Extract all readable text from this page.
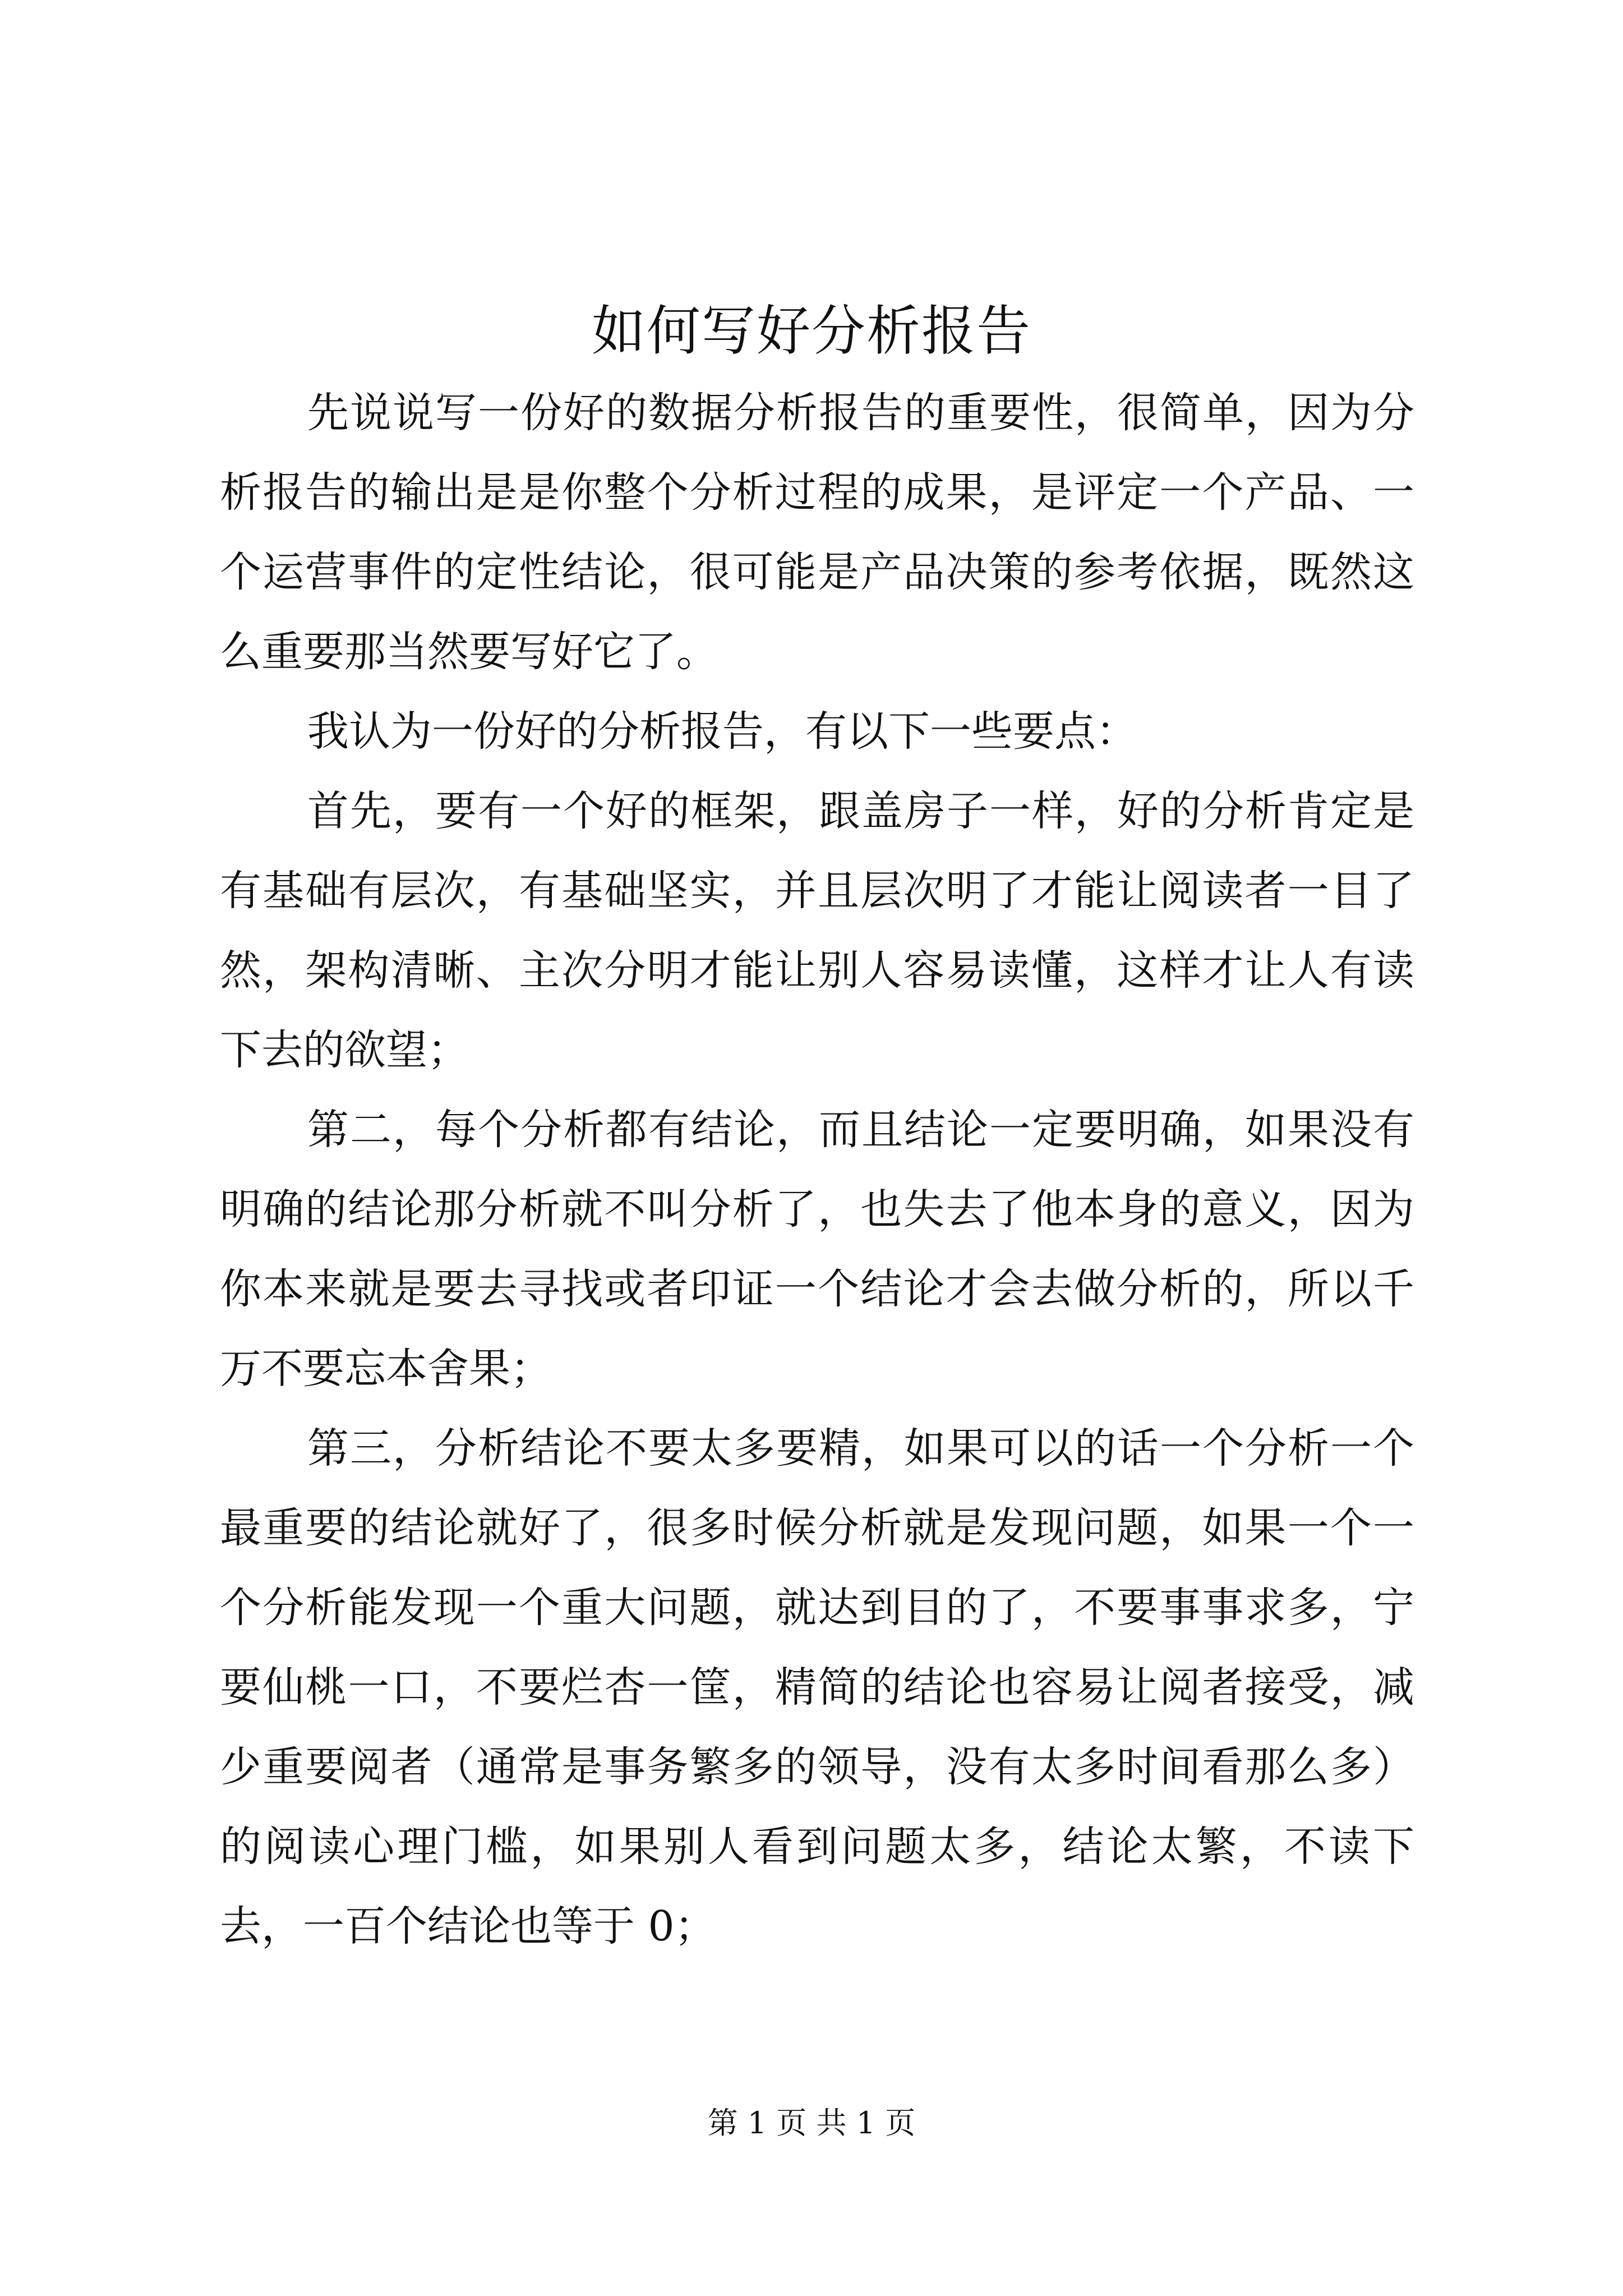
如何写好分析报告

先说说写一份好的数据分析报告的重要性，很简单，因为分析报告的输出是是你整个分析过程的成果，是评定一个产品、一个运营事件的定性结论，很可能是产品决策的参考依据，既然这么重要那当然要写好它了。

我认为一份好的分析报告，有以下一些要点：

首先，要有一个好的框架，跟盖房子一样，好的分析肯定是有基础有层次，有基础坚实，并且层次明了才能让阅读者一目了然，架构清晰、主次分明才能让别人容易读懂，这样才让人有读下去的欲望；

第二，每个分析都有结论，而且结论一定要明确，如果没有明确的结论那分析就不叫分析了，也失去了他本身的意义，因为你本来就是要去寻找或者印证一个结论才会去做分析的，所以千万不要忘本舍果；

第三，分析结论不要太多要精，如果可以的话一个分析一个最重要的结论就好了，很多时候分析就是发现问题，如果一个一个分析能发现一个重大问题，就达到目的了，不要事事求多，宁要仙桃一口，不要烂杏一筐，精简的结论也容易让阅者接受，减少重要阅者（通常是事务繁多的领导，没有太多时间看那么多）的阅读心理门槛，如果别人看到问题太多，结论太繁，不读下去，一百个结论也等于 0；

第 1 页 共 1 页
